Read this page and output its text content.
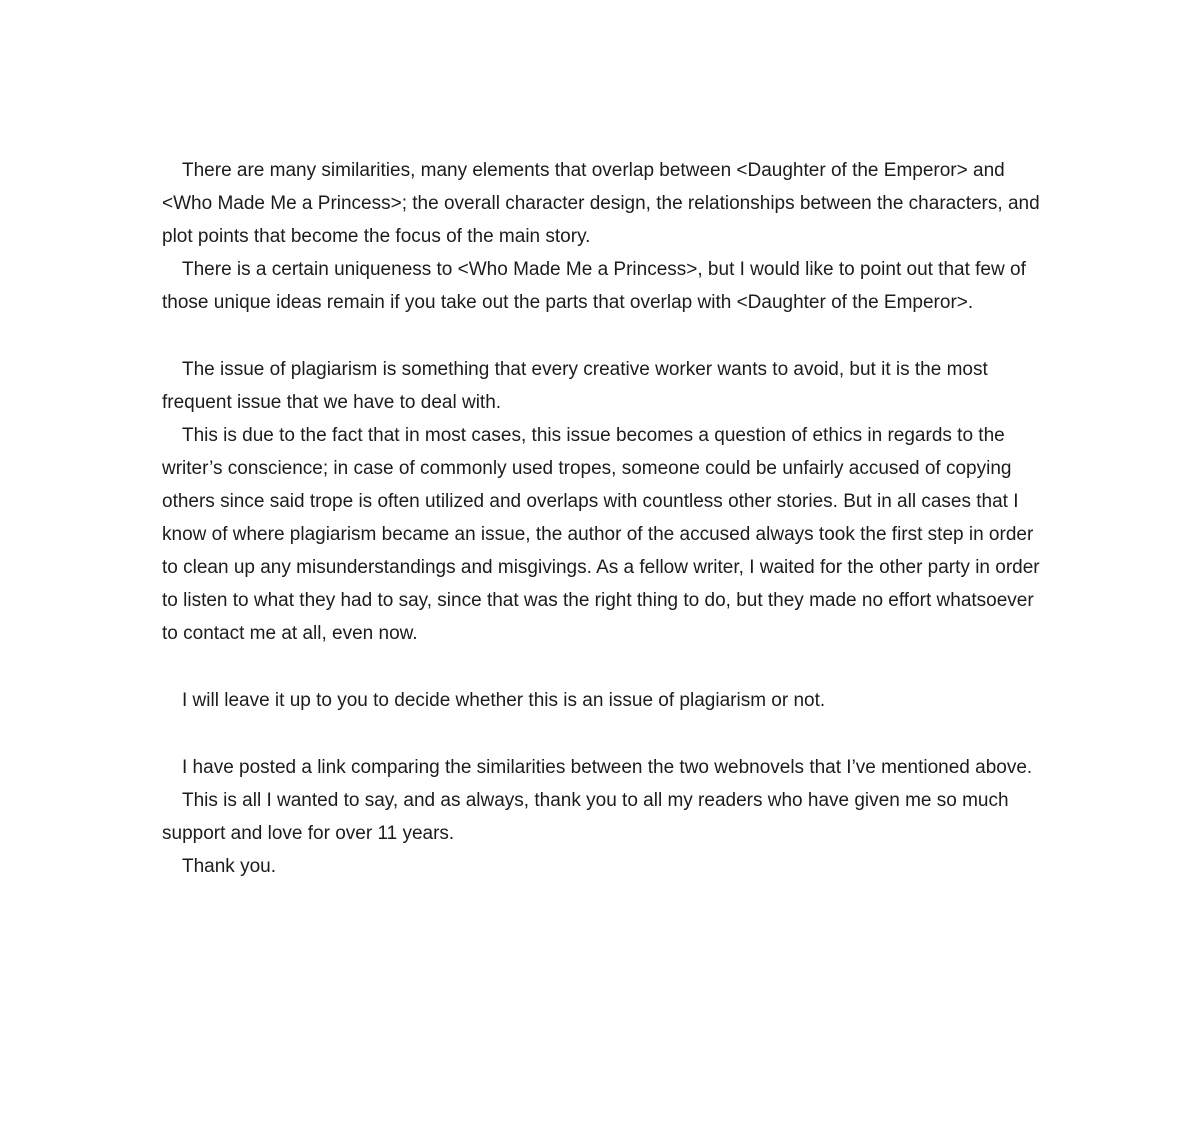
There are many similarities, many elements that overlap between <Daughter of the Emperor> and <Who Made Me a Princess>; the overall character design, the relationships between the characters, and plot points that become the focus of the main story.

There is a certain uniqueness to <Who Made Me a Princess>, but I would like to point out that few of those unique ideas remain if you take out the parts that overlap with <Daughter of the Emperor>.

The issue of plagiarism is something that every creative worker wants to avoid, but it is the most frequent issue that we have to deal with.

This is due to the fact that in most cases, this issue becomes a question of ethics in regards to the writer’s conscience; in case of commonly used tropes, someone could be unfairly accused of copying others since said trope is often utilized and overlaps with countless other stories. But in all cases that I know of where plagiarism became an issue, the author of the accused always took the first step in order to clean up any misunderstandings and misgivings. As a fellow writer, I waited for the other party in order to listen to what they had to say, since that was the right thing to do, but they made no effort whatsoever to contact me at all, even now.

I will leave it up to you to decide whether this is an issue of plagiarism or not.

I have posted a link comparing the similarities between the two webnovels that I’ve mentioned above.

This is all I wanted to say, and as always, thank you to all my readers who have given me so much support and love for over 11 years.

Thank you.
